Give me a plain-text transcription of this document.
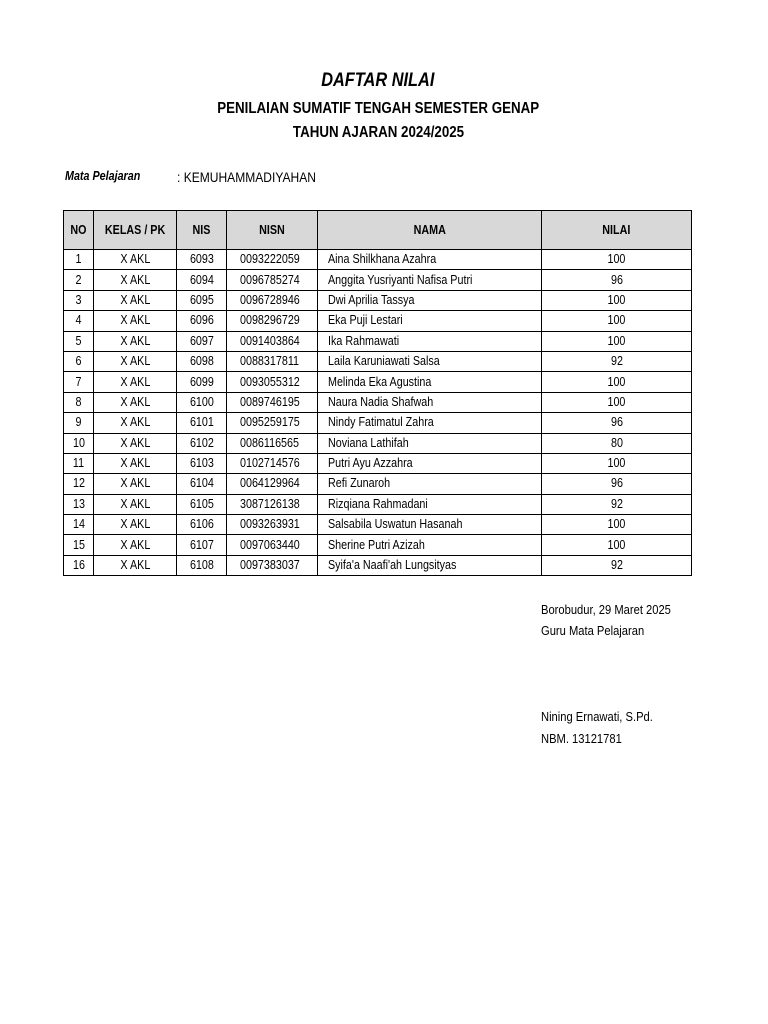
DAFTAR NILAI
PENILAIAN SUMATIF TENGAH SEMESTER GENAP
TAHUN AJARAN 2024/2025
Mata Pelajaran	: KEMUHAMMADIYAHAN
NO	KELAS / PK	NIS	NISN	NAMA	NILAI
1	X AKL	6093	0093222059	Aina Shilkhana Azahra	100
2	X AKL	6094	0096785274	Anggita Yusriyanti Nafisa Putri	96
3	X AKL	6095	0096728946	Dwi Aprilia Tassya	100
4	X AKL	6096	0098296729	Eka Puji Lestari	100
5	X AKL	6097	0091403864	Ika Rahmawati	100
6	X AKL	6098	0088317811	Laila Karuniawati Salsa	92
7	X AKL	6099	0093055312	Melinda Eka Agustina	100
8	X AKL	6100	0089746195	Naura Nadia Shafwah	100
9	X AKL	6101	0095259175	Nindy Fatimatul Zahra	96
10	X AKL	6102	0086116565	Noviana Lathifah	80
11	X AKL	6103	0102714576	Putri Ayu Azzahra	100
12	X AKL	6104	0064129964	Refi Zunaroh	96
13	X AKL	6105	3087126138	Rizqiana Rahmadani	92
14	X AKL	6106	0093263931	Salsabila Uswatun Hasanah	100
15	X AKL	6107	0097063440	Sherine Putri Azizah	100
16	X AKL	6108	0097383037	Syifa'a Naafi'ah Lungsityas	92
Borobudur, 29 Maret 2025
Guru Mata Pelajaran
Nining Ernawati, S.Pd.
NBM. 13121781
